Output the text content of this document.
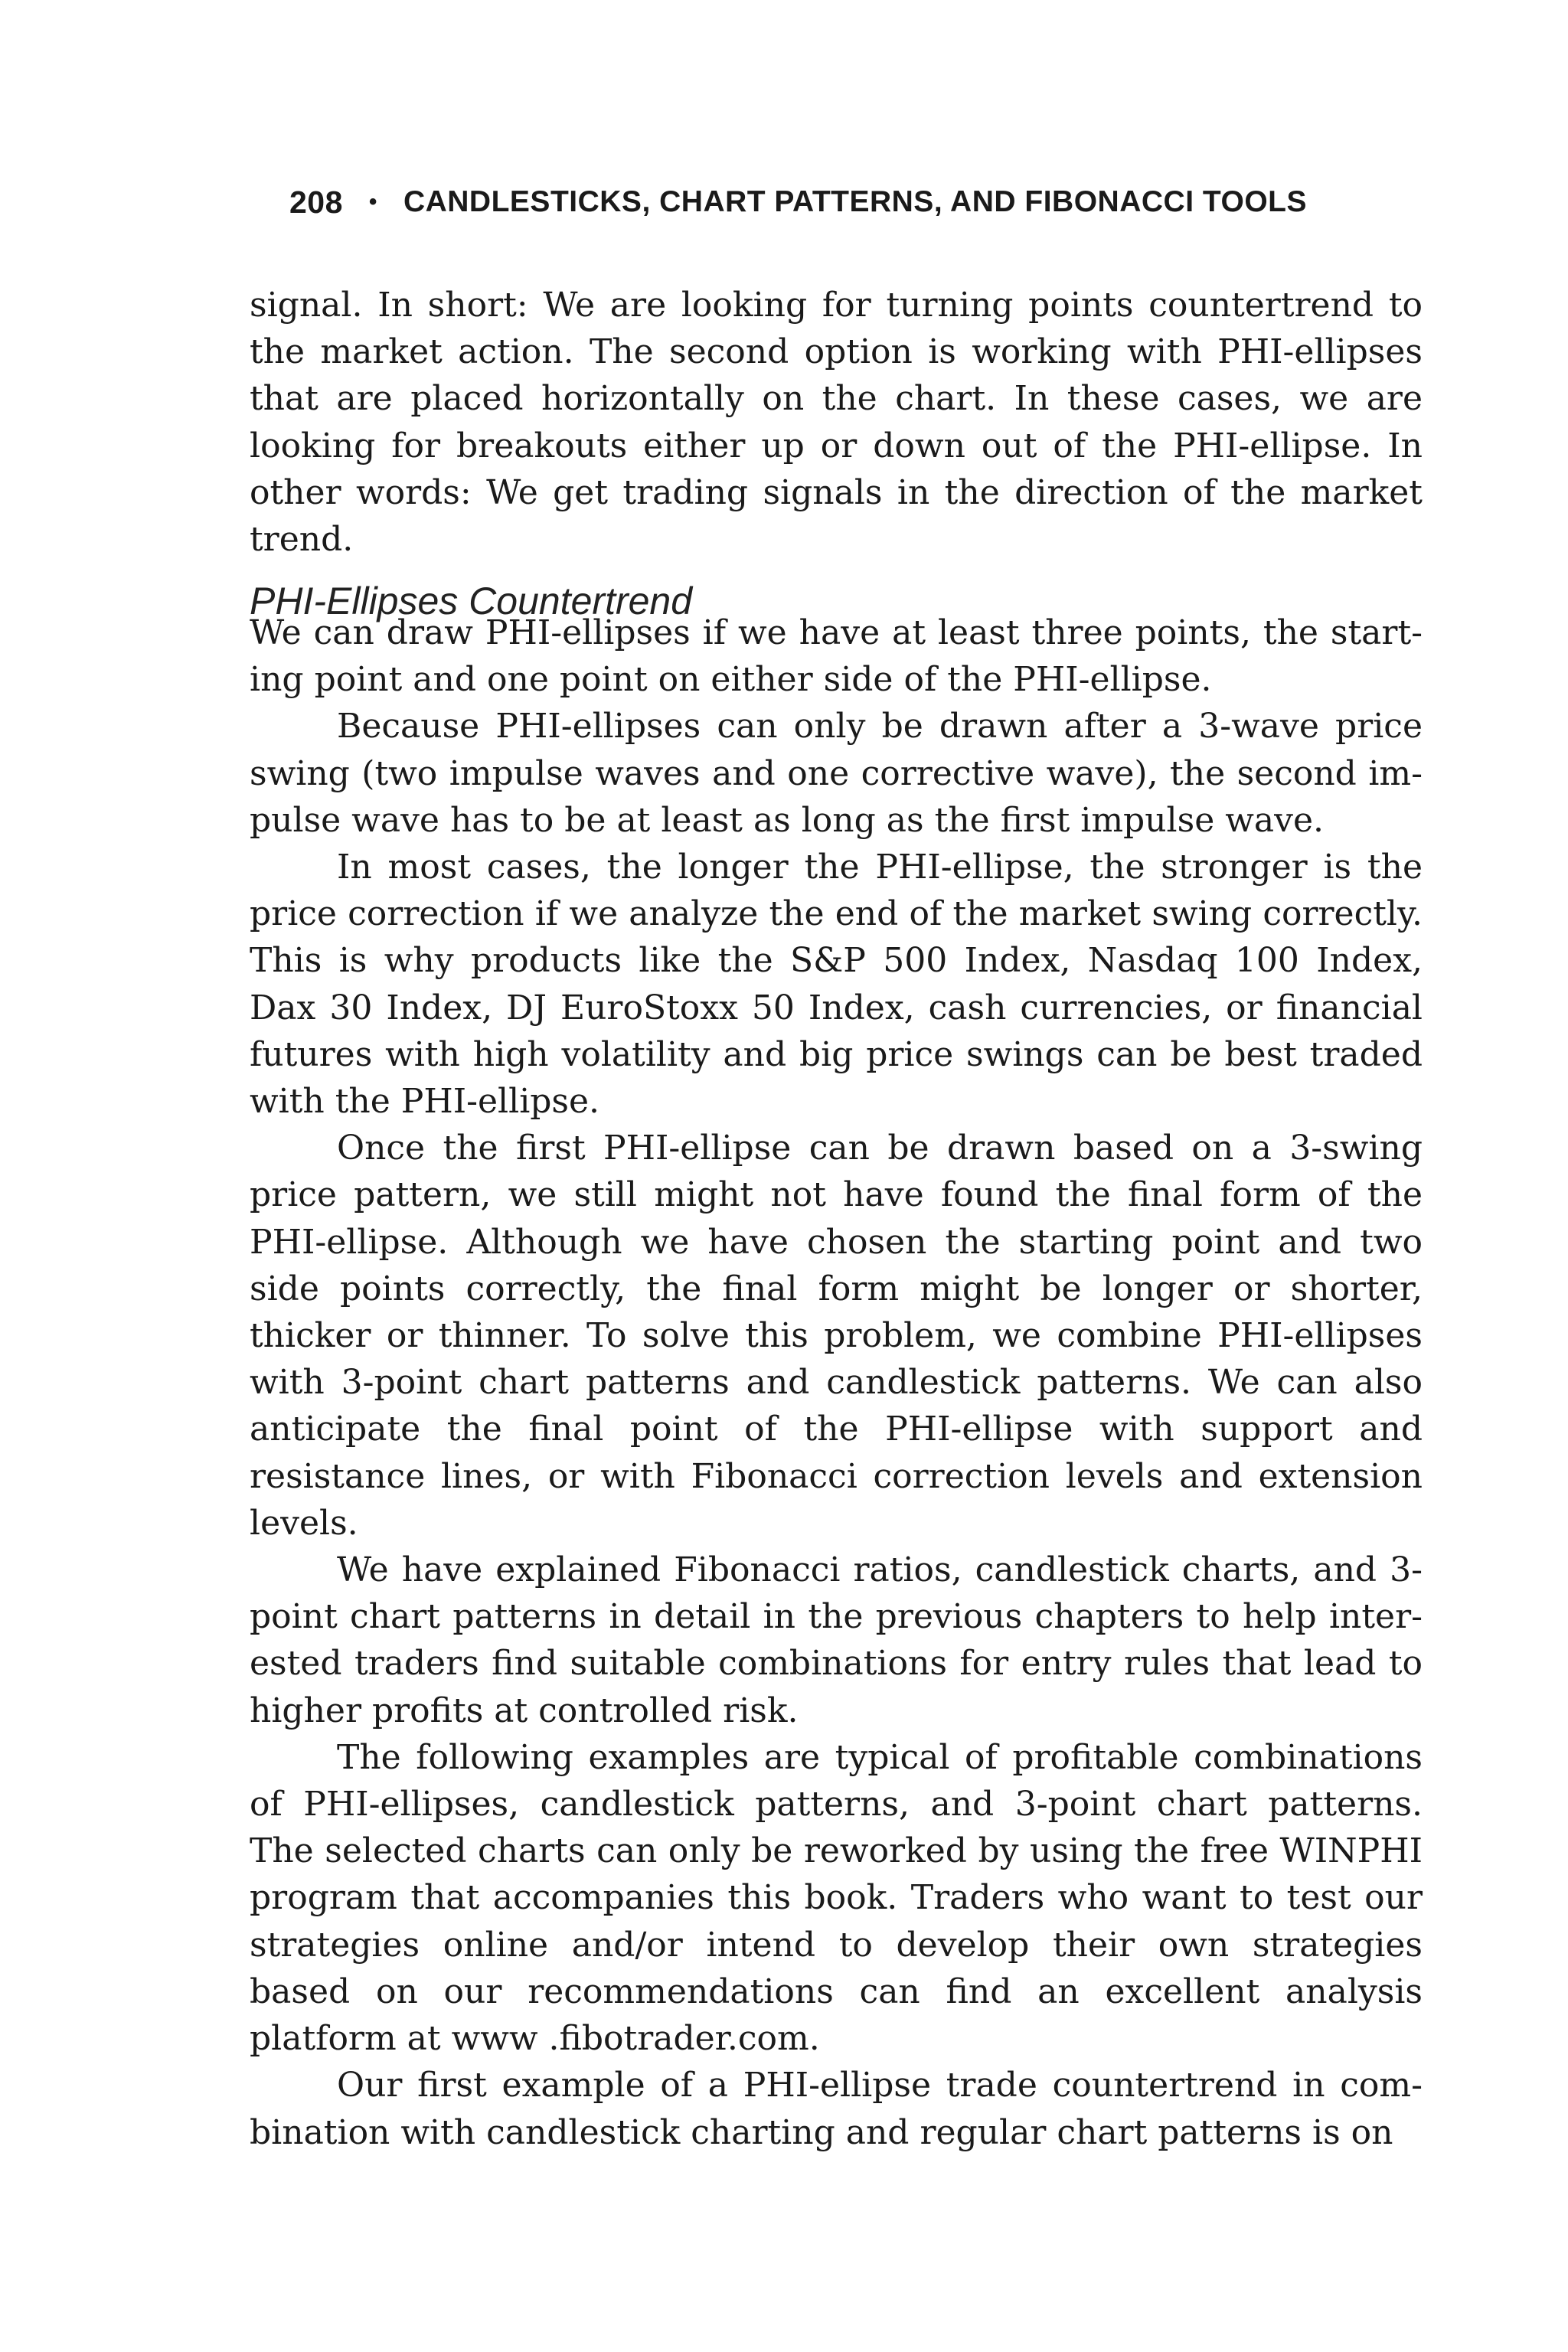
208 • CANDLESTICKS, CHART PATTERNS, AND FIBONACCI TOOLS

signal. In short: We are looking for turning points countertrend to the market action. The second option is working with PHI-ellipses that are placed horizontally on the chart. In these cases, we are looking for breakouts either up or down out of the PHI-ellipse. In other words: We get trading signals in the direction of the market trend.

PHI-Ellipses Countertrend

We can draw PHI-ellipses if we have at least three points, the starting point and one point on either side of the PHI-ellipse.

Because PHI-ellipses can only be drawn after a 3-wave price swing (two impulse waves and one corrective wave), the second impulse wave has to be at least as long as the first impulse wave.

In most cases, the longer the PHI-ellipse, the stronger is the price correction if we analyze the end of the market swing correctly. This is why products like the S&P 500 Index, Nasdaq 100 Index, Dax 30 Index, DJ EuroStoxx 50 Index, cash currencies, or financial futures with high volatility and big price swings can be best traded with the PHI-ellipse.

Once the first PHI-ellipse can be drawn based on a 3-swing price pattern, we still might not have found the final form of the PHI-ellipse. Although we have chosen the starting point and two side points correctly, the final form might be longer or shorter, thicker or thinner. To solve this problem, we combine PHI-ellipses with 3-point chart patterns and candlestick patterns. We can also anticipate the final point of the PHI-ellipse with support and resistance lines, or with Fibonacci correction levels and extension levels.

We have explained Fibonacci ratios, candlestick charts, and 3-point chart patterns in detail in the previous chapters to help interested traders find suitable combinations for entry rules that lead to higher profits at controlled risk.

The following examples are typical of profitable combinations of PHI-ellipses, candlestick patterns, and 3-point chart patterns. The selected charts can only be reworked by using the free WINPHI program that accompanies this book. Traders who want to test our strategies online and/or intend to develop their own strategies based on our recommendations can find an excellent analysis platform at www .fibotrader.com.

Our first example of a PHI-ellipse trade countertrend in combination with candlestick charting and regular chart patterns is on
